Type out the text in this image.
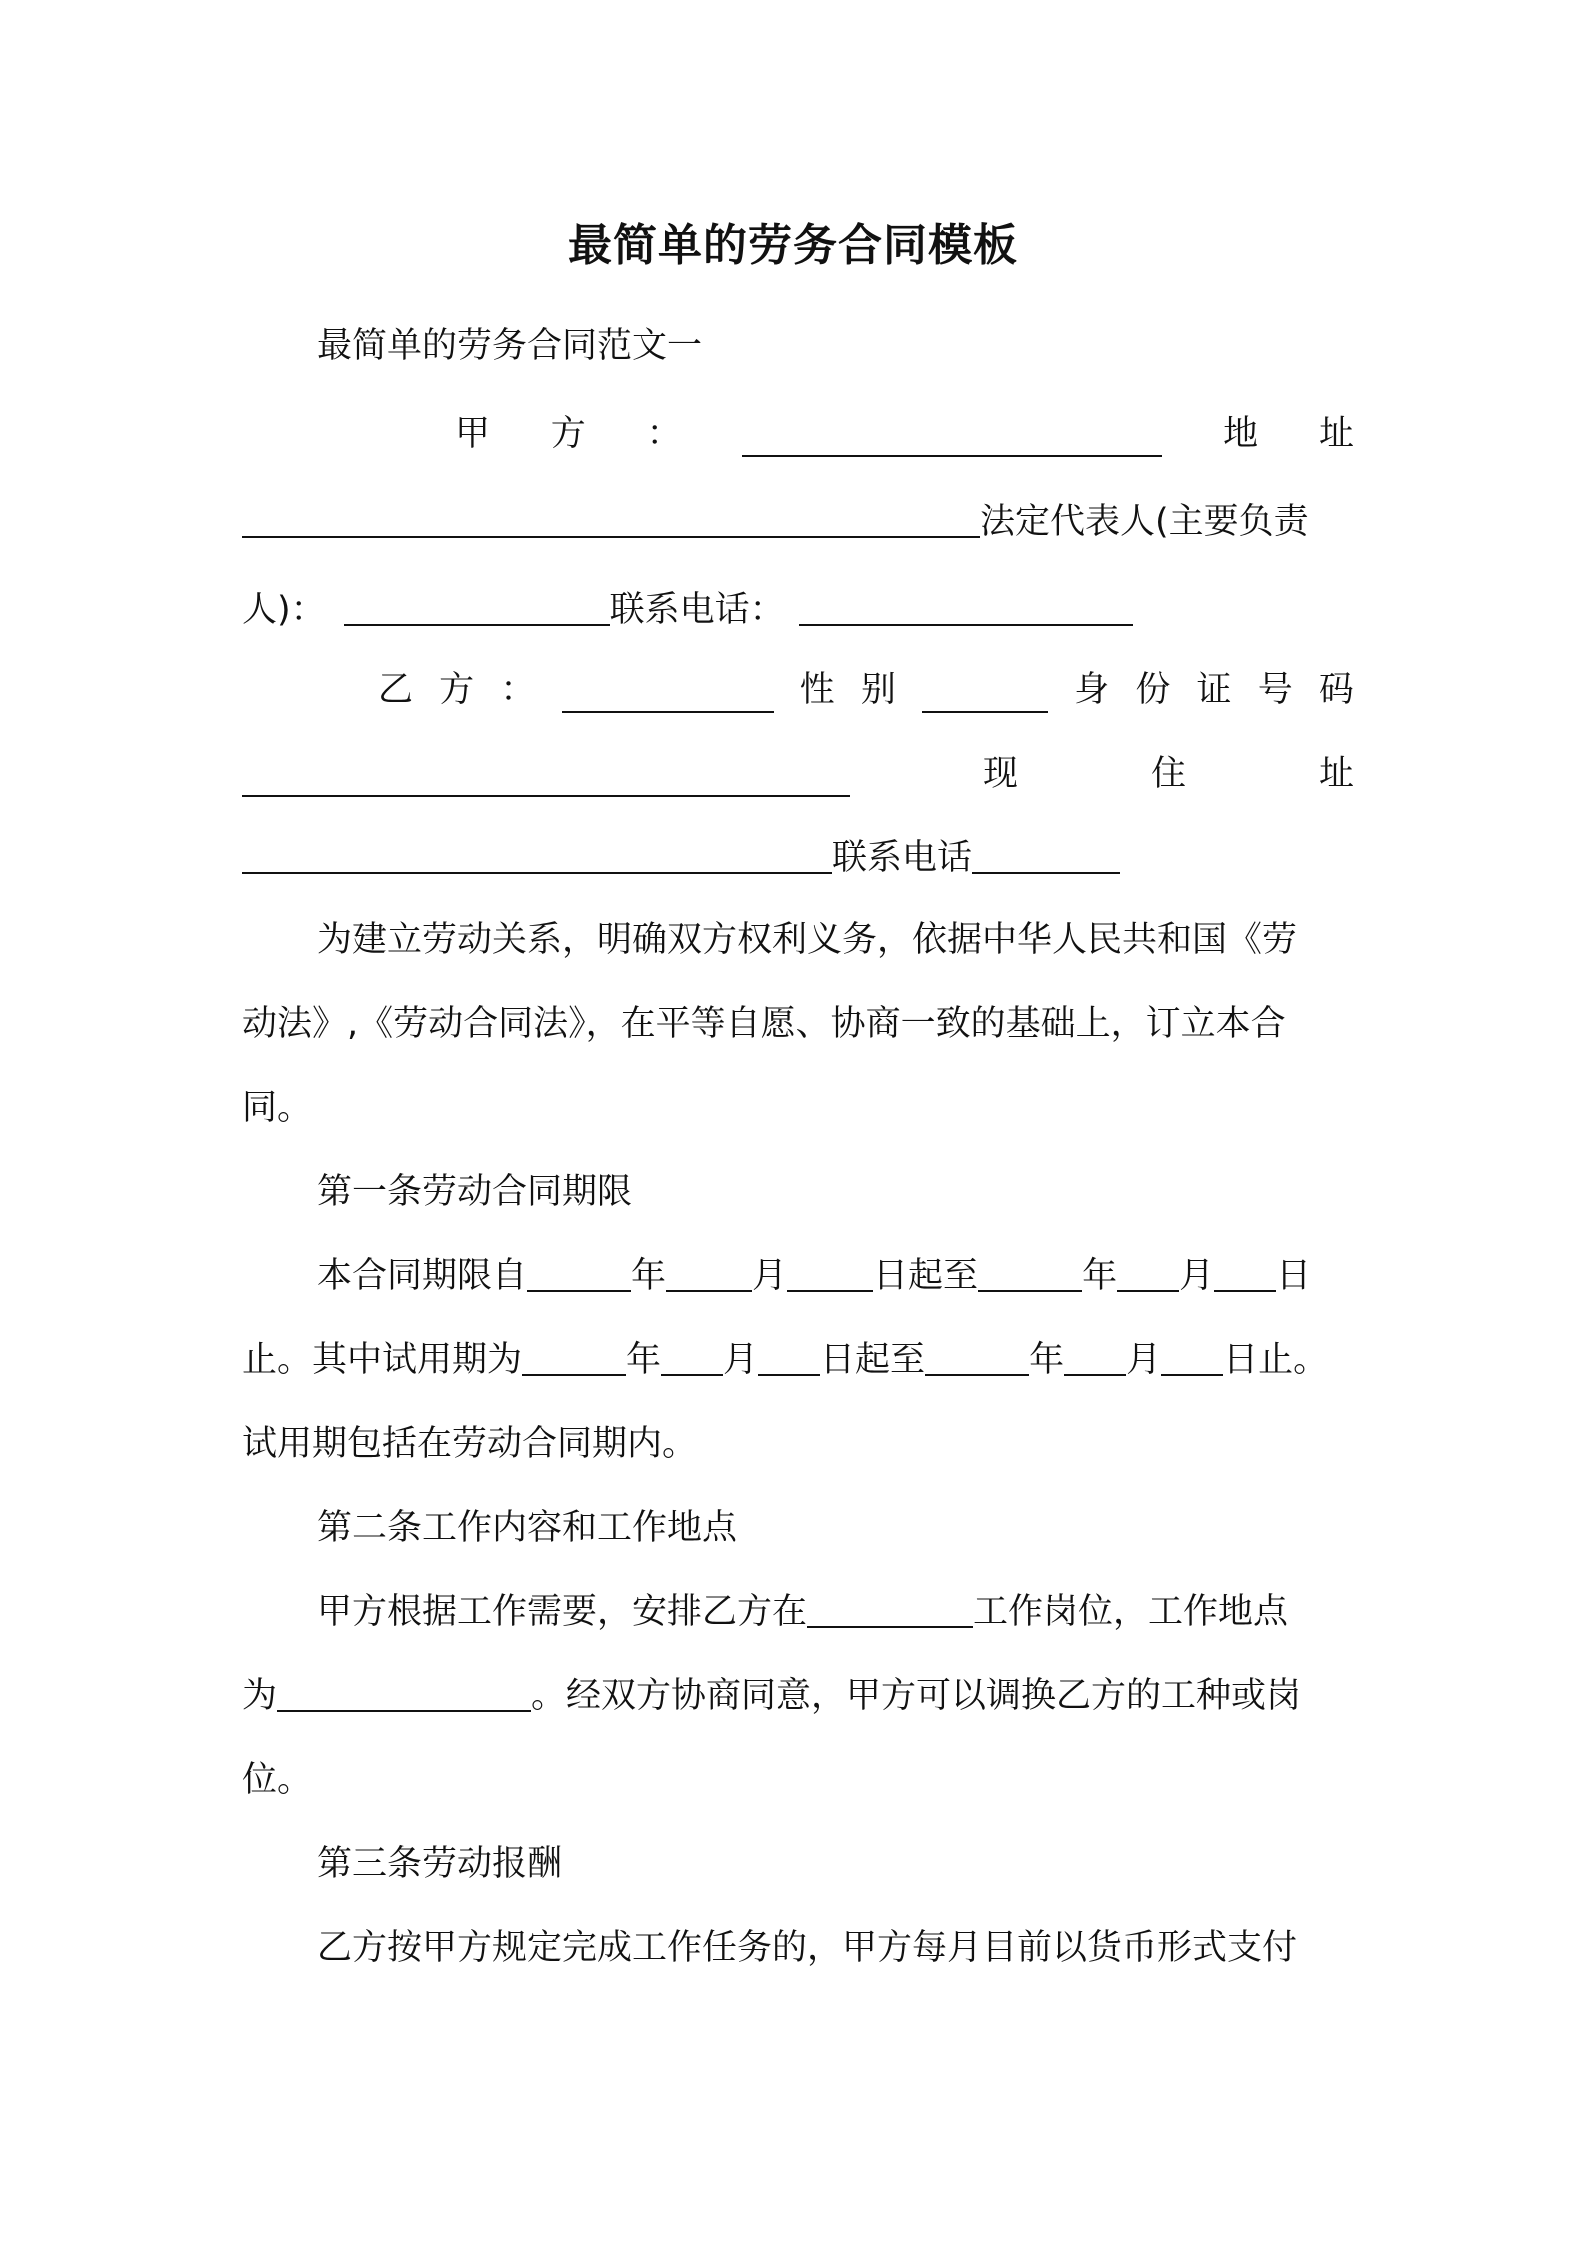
最简单的劳务合同模板
最简单的劳务合同范文一
甲 方 ：	地 址
法定代表人(主要负责
人)：	联系电话：
乙 方 ：	性 别	身 份 证 号 码
现	住	址
联系电话
为建立劳动关系，明确双方权利义务，依据中华人民共和国《劳
动法》,《劳动合同法》，在平等自愿、协商一致的基础上，订立本合
同。
第一条劳动合同期限
本合同期限自	年 月 日起至	年 月 日
止。其中试用期为	年 月 日起至	年 月 日止。
试用期包括在劳动合同期内。
第二条工作内容和工作地点
甲方根据工作需要，安排乙方在	工作岗位，工作地点
为	。经双方协商同意，甲方可以调换乙方的工种或岗
位。
第三条劳动报酬
乙方按甲方规定完成工作任务的，甲方每月目前以货币形式支付
